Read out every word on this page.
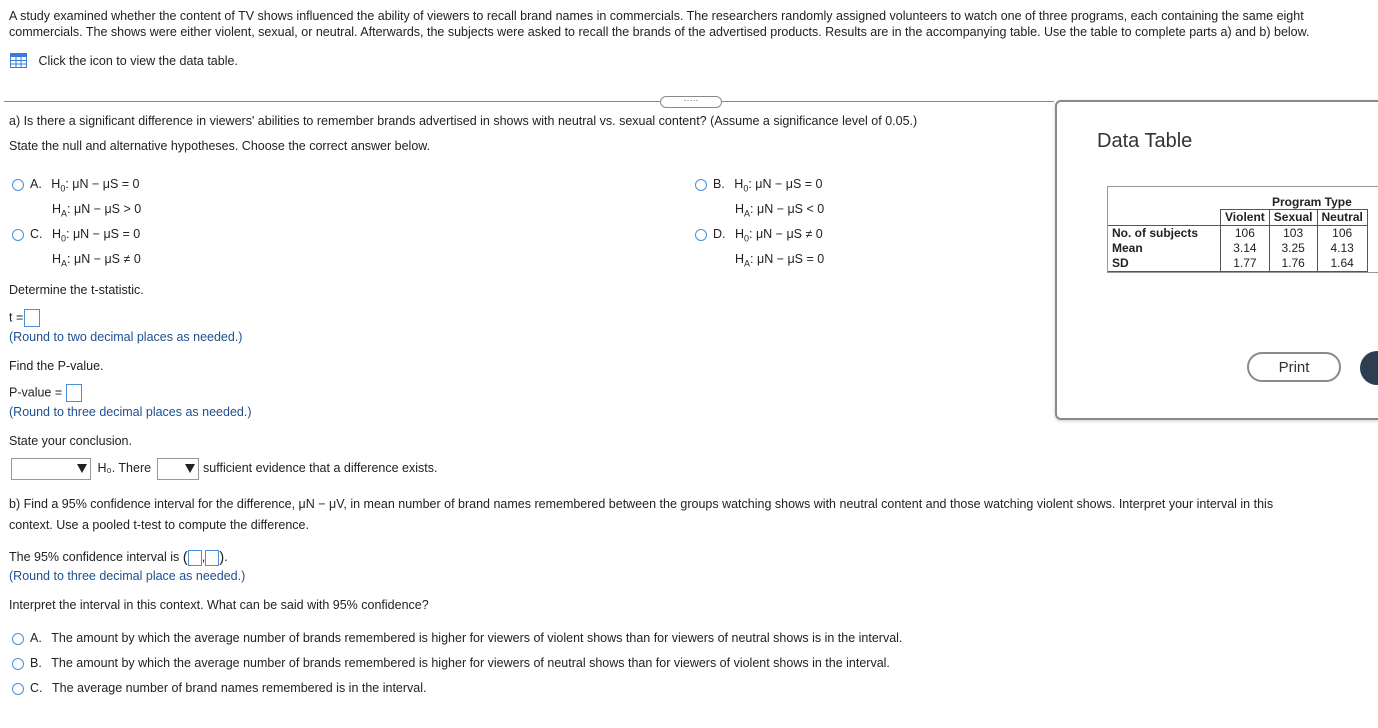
A study examined whether the content of TV shows influenced the ability of viewers to recall brand names in commercials. The researchers randomly assigned volunteers to watch one of three programs, each containing the same eight commercials. The shows were either violent, sexual, or neutral. Afterwards, the subjects were asked to recall the brands of the advertised products. Results are in the accompanying table. Use the table to complete parts a) and b) below.
Click the icon to view the data table.
·····
a) Is there a significant difference in viewers' abilities to remember brands advertised in shows with neutral vs. sexual content? (Assume a significance level of 0.05.)
State the null and alternative hypotheses. Choose the correct answer below.
A. $H_0$: μN − μS = 0
$H_A$: μN − μS > 0
B. $H_0$: μN − μS = 0
$H_A$: μN − μS < 0
C. $H_0$: μN − μS = 0
$H_A$: μN − μS ≠ 0
D. $H_0$: μN − μS ≠ 0
$H_A$: μN − μS = 0
Determine the t-statistic.
t =
(Round to two decimal places as needed.)
Find the P-value.
P-value =
(Round to three decimal places as needed.)
State your conclusion.
H₀. There	sufficient evidence that a difference exists.
b) Find a 95% confidence interval for the difference, μN − μV, in mean number of brand names remembered between the groups watching shows with neutral content and those watching violent shows. Interpret your interval in this
context. Use a pooled t-test to compute the difference.
The 95% confidence interval is ( , ).
(Round to three decimal place as needed.)
Interpret the interval in this context. What can be said with 95% confidence?
A. The amount by which the average number of brands remembered is higher for viewers of violent shows than for viewers of neutral shows is in the interval.
B. The amount by which the average number of brands remembered is higher for viewers of neutral shows than for viewers of violent shows in the interval.
C. The average number of brand names remembered is in the interval.
Data Table
Program Type
	Violent	Sexual	Neutral
No. of subjects	106	103	106
Mean	3.14	3.25	4.13
SD	1.77	1.76	1.64
Print
